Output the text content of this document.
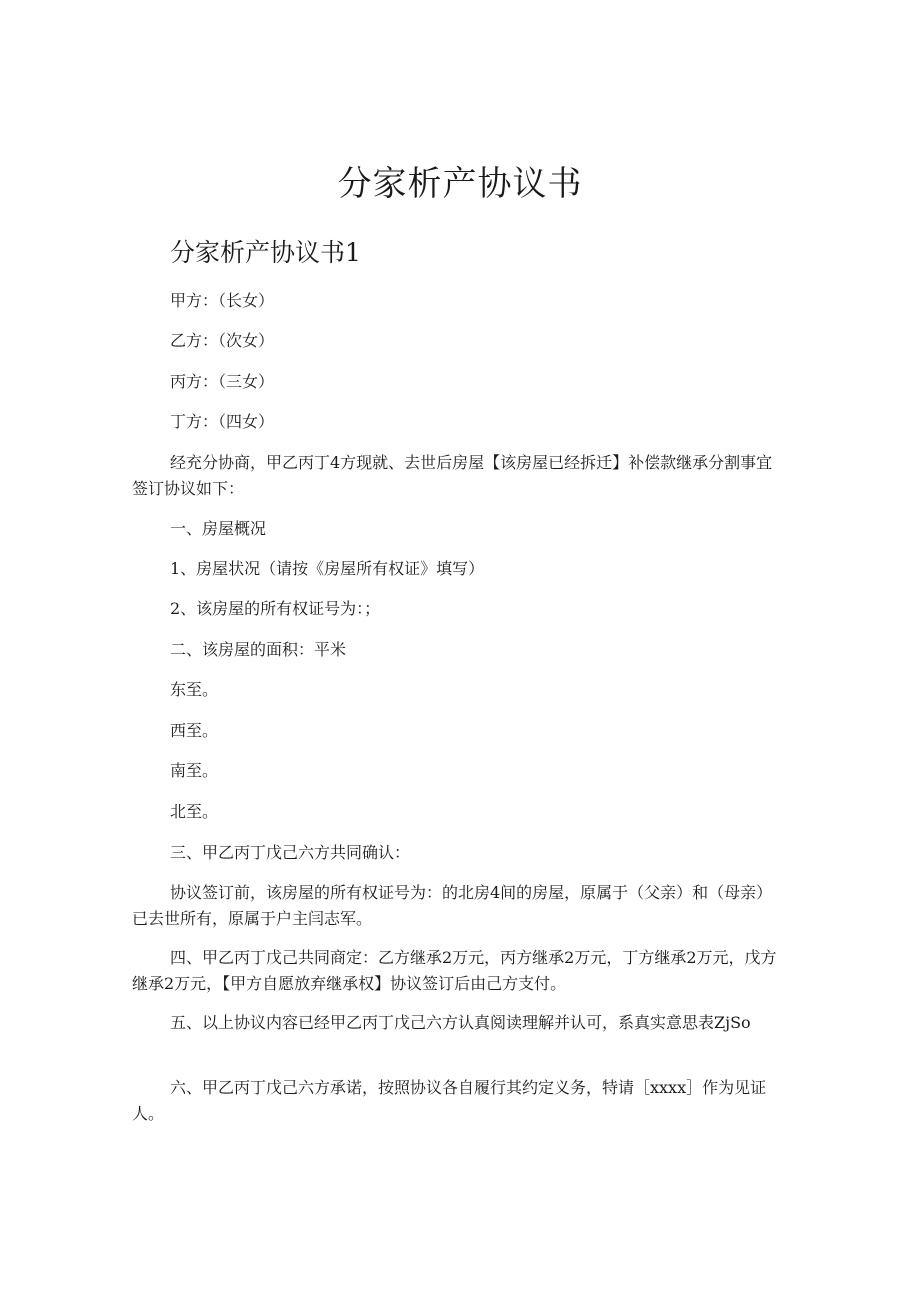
分家析产协议书
分家析产协议书1

甲方：（长女）

乙方：（次女）

丙方：（三女）

丁方：（四女）

经充分协商，甲乙丙丁4方现就、去世后房屋【该房屋已经拆迁】补偿款继承分割事宜签订协议如下：

一、房屋概况

1、房屋状况（请按《房屋所有权证》填写）

2、该房屋的所有权证号为：；

二、该房屋的面积：平米

东至。

西至。

南至。

北至。

三、甲乙丙丁戊己六方共同确认：

协议签订前，该房屋的所有权证号为：的北房4间的房屋，原属于（父亲）和（母亲）已去世所有，原属于户主闫志军。

四、甲乙丙丁戊己共同商定：乙方继承2万元，丙方继承2万元，丁方继承2万元，戊方继承2万元，【甲方自愿放弃继承权】协议签订后由己方支付。

五、以上协议内容已经甲乙丙丁戊己六方认真阅读理解并认可，系真实意思表ZjSo

六、甲乙丙丁戊己六方承诺，按照协议各自履行其约定义务，特请［xxxx］作为见证人。
